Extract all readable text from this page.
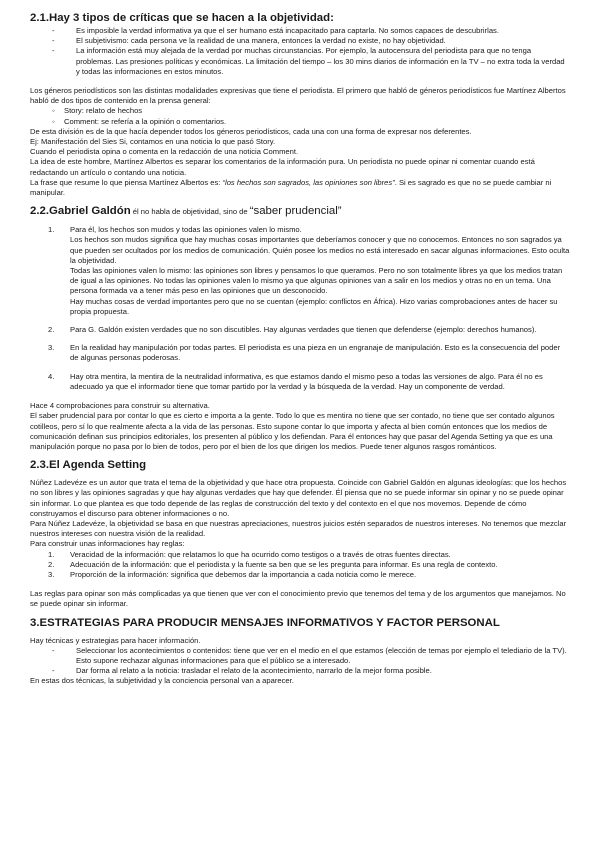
2.1.Hay 3 tipos de críticas que se hacen a la objetividad:

- Es imposible la verdad informativa ya que el ser humano está incapacitado para captarla. No somos capaces de descubrirlas.
- El subjetivismo: cada persona ve la realidad de una manera, entonces la verdad no existe, no hay objetividad.
- La información está muy alejada de la verdad por muchas circunstancias. Por ejemplo, la autocensura del periodista para que no tenga problemas. Las presiones políticas y económicas. La limitación del tiempo – los 30 mins diarios de información en la TV – no extra toda la verdad y todas las informaciones en estos minutos.

Los géneros periodísticos son las distintas modalidades expresivas que tiene el periodista. El primero que habló de géneros periodísticos fue Martínez Albertos habló de dos tipos de contenido en la prensa general:

◦ Story: relato de hechos
◦ Comment: se refería a la opinión o comentarios.

De esta división es de la que hacía depender todos los géneros periodísticos, cada una con una forma de expresar nos deferentes.

Ej: Manifestación del Sies Si, contamos en una noticia lo que pasó Story.

Cuando el periodista opina o comenta en la redacción de una noticia Comment.

La idea de este hombre, Martínez Albertos es separar los comentarios de la información pura. Un periodista no puede opinar ni comentar cuando está redactando un artículo o contando una noticia.

La frase que resume lo que piensa Martínez Albertos es: “los hechos son sagrados, las opiniones son libres”. Si es sagrado es que no se puede cambiar ni manipular.

2.2.Gabriel Galdón él no habla de objetividad, sino de “saber prudencial”

1.	Para él, los hechos son mudos y todas las opiniones valen lo mismo.

Los hechos son mudos significa que hay muchas cosas importantes que deberíamos conocer y que no conocemos. Entonces no son sagrados ya que pueden ser ocultados por los medios de comunicación. Quién posee los medios no está interesado en sacar algunas informaciones. Esto oculta la objetividad.

Todas las opiniones valen lo mismo: las opiniones son libres y pensamos lo que queramos. Pero no son totalmente libres ya que los medios tratan de igual a las opiniones. No todas las opiniones valen lo mismo ya que algunas opiniones van a salir en los medios y otras no en un tema. Una persona formada va a tener más peso en las opiniones que un desconocido.

Hay muchas cosas de verdad importantes pero que no se cuentan (ejemplo: conflictos en África). Hizo varias comprobaciones antes de hacer su propia propuesta.

2.	Para G. Galdón existen verdades que no son discutibles. Hay algunas verdades que tienen que defenderse (ejemplo: derechos humanos).

3.	En la realidad hay manipulación por todas partes. El periodista es una pieza en un engranaje de manipulación. Esto es la consecuencia del poder de algunas personas poderosas.

4.	Hay otra mentira, la mentira de la neutralidad informativa, es que estamos dando el mismo peso a todas las versiones de algo. Para él no es adecuado ya que el informador tiene que tomar partido por la verdad y la búsqueda de la verdad. Hay un componente de verdad.

Hace 4 comprobaciones para construir su alternativa.

El saber prudencial para por contar lo que es cierto e importa a la gente. Todo lo que es mentira no tiene que ser contado, no tiene que ser contado algunos cotilleos, pero sí lo que realmente afecta a la vida de las personas. Esto supone contar lo que importa y afecta al bien común entonces que los medios de comunicación definan sus principios editoriales, los presenten al público y los defiendan. Para él entonces hay que pasar del Agenda Setting ya que es una manipulación porque no pasa por lo bien de todos, pero por el bien de los que dirigen los medios. Puede tener algunos rasgos románticos.

2.3.El Agenda Setting

Núñez Ladevéze es un autor que trata el tema de la objetividad y que hace otra propuesta. Coincide con Gabriel Galdón en algunas ideologías: que los hechos no son libres y las opiniones sagradas y que hay algunas verdades que hay que defender. Él piensa que no se puede informar sin opinar y no se puede opinar sin informar. Lo que plantea es que todo depende de las reglas de construcción del texto y del contexto en el que nos movemos. Depende de cómo construyamos el discurso para obtener informaciones o no.

Para Núñez Ladevéze, la objetividad se basa en que nuestras apreciaciones, nuestros juicios estén separados de nuestros intereses. No tenemos que mezclar nuestros intereses con nuestra visión de la realidad.

Para construir unas informaciones hay reglas:

1.	Veracidad de la información: que relatamos lo que ha ocurrido como testigos o a través de otras fuentes directas.

2.	Adecuación de la información: que el periodista y la fuente sa ben que se les pregunta para informar. Es una regla de contexto.

3.	Proporción de la información: significa que debemos dar la importancia a cada noticia como le merece.

Las reglas para opinar son más complicadas ya que tienen que ver con el conocimiento previo que tenemos del tema y de los argumentos que manejamos. No se puede opinar sin informar.

3.ESTRATEGIAS PARA PRODUCIR MENSAJES INFORMATIVOS Y FACTOR PERSONAL

Hay técnicas y estrategias para hacer información.

- Seleccionar los acontecimientos o contenidos: tiene que ver en el medio en el que estamos (elección de temas por ejemplo el telediario de la TV). Esto supone rechazar algunas informaciones para que el público se a interesado.
- Dar forma al relato a la noticia: trasladar el relato de la acontecimiento, narrarlo de la mejor forma posible.

En estas dos técnicas, la subjetividad y la conciencia personal van a aparecer.
